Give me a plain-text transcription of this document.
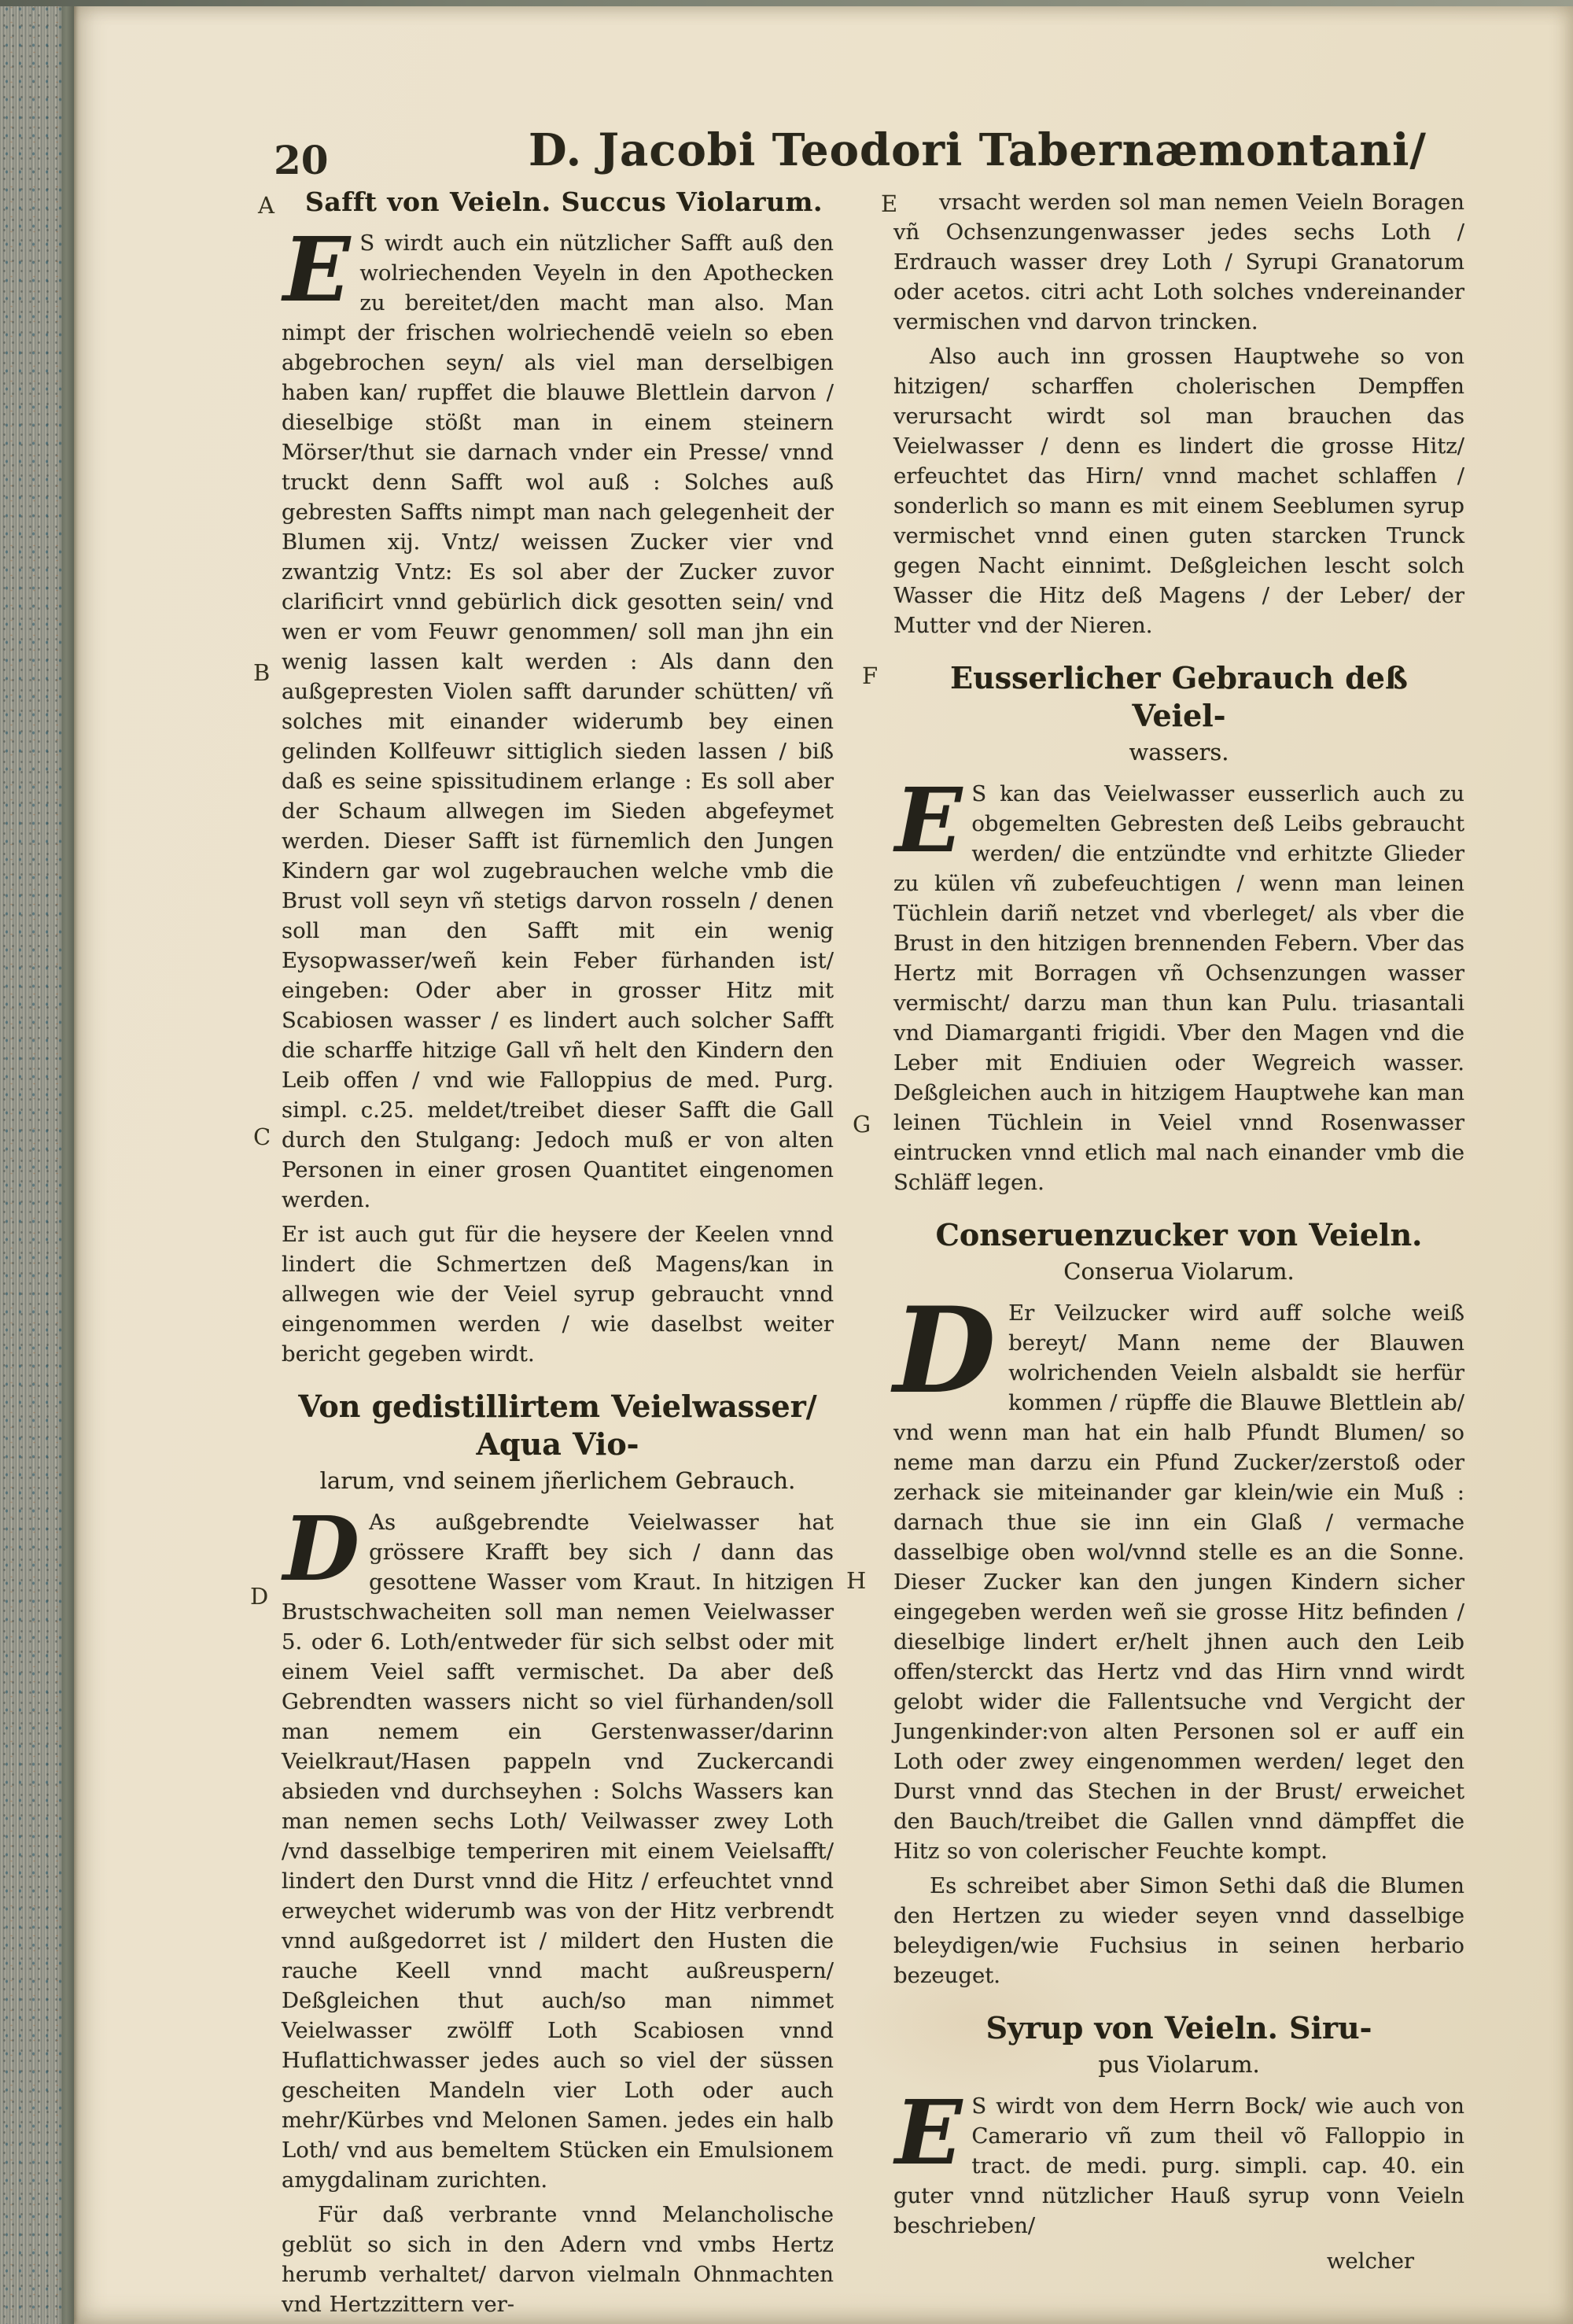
20	D. Jacobi Teodori Tabernæmontani/
A
B
C
D
E
F
G
H
Safft von Veieln. Succus Violarum.

E S wirdt auch ein nützlicher Safft auß den wolriechenden Veyeln in den Apothecken zu bereitet/den macht man also. Man nimpt der frischen wolriechendē veieln so eben abgebrochen seyn/ als viel man derselbigen haben kan/ rupffet die blauwe Blettlein darvon / dieselbige stößt man in einem steinern Mörser/thut sie darnach vnder ein Presse/ vnnd truckt denn Safft wol auß : Solches auß gebresten Saffts nimpt man nach gelegenheit der Blumen xij. Vntz/ weissen Zucker vier vnd zwantzig Vntz: Es sol aber der Zucker zuvor clarificirt vnnd gebürlich dick gesotten sein/ vnd wen er vom Feuwr genommen/ soll man jhn ein wenig lassen kalt werden : Als dann den außgepresten Violen safft darunder schütten/ vñ solches mit einander widerumb bey einen gelinden Kollfeuwr sittiglich sieden lassen / biß daß es seine spissitudinem erlange : Es soll aber der Schaum allwegen im Sieden abgefeymet werden. Dieser Safft ist fürnemlich den Jungen Kindern gar wol zugebrauchen welche vmb die Brust voll seyn vñ stetigs darvon rosseln / denen soll man den Safft mit ein wenig Eysopwasser/weñ kein Feber fürhanden ist/ eingeben: Oder aber in grosser Hitz mit Scabiosen wasser / es lindert auch solcher Safft die scharffe hitzige Gall vñ helt den Kindern den Leib offen / vnd wie Falloppius de med. Purg. simpl. c.25. meldet/treibet dieser Safft die Gall durch den Stulgang: Jedoch muß er von alten Personen in einer grosen Quantitet eingenomen werden.

Er ist auch gut für die heysere der Keelen vnnd lindert die Schmertzen deß Magens/kan in allwegen wie der Veiel syrup gebraucht vnnd eingenommen werden / wie daselbst weiter bericht gegeben wirdt.

Von gedistillirtem Veielwasser/ Aqua Vio-
larum, vnd seinem jñerlichem Gebrauch.

D As außgebrendte Veielwasser hat grössere Krafft bey sich / dann das gesottene Wasser vom Kraut. In hitzigen Brustschwacheiten soll man nemen Veielwasser 5. oder 6. Loth/entweder für sich selbst oder mit einem Veiel safft vermischet. Da aber deß Gebrendten wassers nicht so viel fürhanden/soll man nemem ein Gerstenwasser/darinn Veielkraut/Hasen pappeln vnd Zuckercandi absieden vnd durchseyhen : Solchs Wassers kan man nemen sechs Loth/ Veilwasser zwey Loth /vnd dasselbige temperiren mit einem Veielsafft/ lindert den Durst vnnd die Hitz / erfeuchtet vnnd erweychet widerumb was von der Hitz verbrendt vnnd außgedorret ist / mildert den Husten die rauche Keell vnnd macht außreuspern/ Deßgleichen thut auch/so man nimmet Veielwasser zwölff Loth Scabiosen vnnd Huflattichwasser jedes auch so viel der süssen gescheiten Mandeln vier Loth oder auch mehr/Kürbes vnd Melonen Samen. jedes ein halb Loth/ vnd aus bemeltem Stücken ein Emulsionem amygdalinam zurichten.

Für daß verbrante vnnd Melancholische geblüt so sich in den Adern vnd vmbs Hertz herumb verhaltet/ darvon vielmaln Ohnmachten vnd Hertzzittern ver-

vrsacht werden sol man nemen Veieln Boragen vñ Ochsenzungenwasser jedes sechs Loth / Erdrauch wasser drey Loth / Syrupi Granatorum oder acetos. citri acht Loth solches vndereinander vermischen vnd darvon trincken.

Also auch inn grossen Hauptwehe so von hitzigen/ scharffen cholerischen Dempffen verursacht wirdt sol man brauchen das Veielwasser / denn es lindert die grosse Hitz/ erfeuchtet das Hirn/ vnnd machet schlaffen / sonderlich so mann es mit einem Seeblumen syrup vermischet vnnd einen guten starcken Trunck gegen Nacht einnimt. Deßgleichen lescht solch Wasser die Hitz deß Magens / der Leber/ der Mutter vnd der Nieren.

Eusserlicher Gebrauch deß Veiel-
wassers.

E S kan das Veielwasser eusserlich auch zu obgemelten Gebresten deß Leibs gebraucht werden/ die entzündte vnd erhitzte Glieder zu külen vñ zubefeuchtigen / wenn man leinen Tüchlein dariñ netzet vnd vberleget/ als vber die Brust in den hitzigen brennenden Febern. Vber das Hertz mit Borragen vñ Ochsenzungen wasser vermischt/ darzu man thun kan Pulu. triasantali vnd Diamarganti frigidi. Vber den Magen vnd die Leber mit Endiuien oder Wegreich wasser. Deßgleichen auch in hitzigem Hauptwehe kan man leinen Tüchlein in Veiel vnnd Rosenwasser eintrucken vnnd etlich mal nach einander vmb die Schläff legen.

Conseruenzucker von Veieln.
Conserua Violarum.

D Er Veilzucker wird auff solche weiß bereyt/ Mann neme der Blauwen wolrichenden Veieln alsbaldt sie herfür kommen / rüpffe die Blauwe Blettlein ab/ vnd wenn man hat ein halb Pfundt Blumen/ so neme man darzu ein Pfund Zucker/zerstoß oder zerhack sie miteinander gar klein/wie ein Muß : darnach thue sie inn ein Glaß / vermache dasselbige oben wol/vnnd stelle es an die Sonne. Dieser Zucker kan den jungen Kindern sicher eingegeben werden weñ sie grosse Hitz befinden / dieselbige lindert er/helt jhnen auch den Leib offen/sterckt das Hertz vnd das Hirn vnnd wirdt gelobt wider die Fallentsuche vnd Vergicht der Jungenkinder:von alten Personen sol er auff ein Loth oder zwey eingenommen werden/ leget den Durst vnnd das Stechen in der Brust/ erweichet den Bauch/treibet die Gallen vnnd dämpffet die Hitz so von colerischer Feuchte kompt.

Es schreibet aber Simon Sethi daß die Blumen den Hertzen zu wieder seyen vnnd dasselbige beleydigen/wie Fuchsius in seinen herbario bezeuget.

Syrup von Veieln. Siru-
pus Violarum.

E S wirdt von dem Herrn Bock/ wie auch von Camerario vñ zum theil võ Falloppio in tract. de medi. purg. simpli. cap. 40. ein guter vnnd nützlicher Hauß syrup vonn Veieln beschrieben/

welcher
